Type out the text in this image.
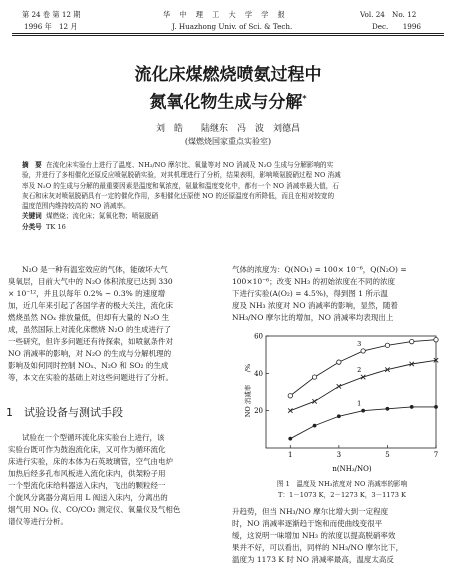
第 24 卷 第 12 期
1996 年　12 月
华　中　理　工　大　学　学　报
J. Huazhong Univ. of Sci. & Tech.
Vol. 24　No. 12
Dec.　　1996
流化床煤燃烧喷氨过程中
氮氧化物生成与分解*
刘　皓　　陆继东　冯　波　刘德昌
(煤燃烧国家重点实验室)
摘　要 在流化床实验台上进行了温度、NH₃/NO 摩尔比、氧量等对 NO 消减及 N₂O 生成与分解影响的实
验，并进行了多相催化还原反应喷氨脱硝实验，对其机理进行了分析，结果表明，影响喷氨脱硝过程 NO 消减
率及 N₂O 的生成与分解的最重要因素是温度和氧浓度，氨量和温度变化中，都有一个 NO 消减率最大值，石
灰石和床灰对喷氨脱硝具有一定的催化作用，多相催化还原使 NO 的还原温度有所降低，而且在相对较宽的
温度范围内维持较高的 NO 消减率。
关键词 煤燃烧；流化床；氮氧化物；喷氨脱硝
分类号 TK 16
N₂O 是一种有温室效应的气体，能破坏大气
臭氧层，目前大气中的 N₂O 体积浓度已达到 330
× 10⁻¹²，并且以每年 0.2% ~ 0.3% 的速度增
加，近几年来引起了各国学者的极大关注，流化床
燃烧虽然 NOₓ 排放量低，但却有大量的 N₂O 生
成，虽然国际上对流化床燃烧 N₂O 的生成进行了
一些研究，但许多问题还有待探索，如喷氨条件对
NO 消减率的影响，对 N₂O 的生成与分解机理的
影响及如何同时控制 NOₓ、N₂O 和 SO₂ 的生成
等，本文在实验的基础上对这些问题进行了分析。
1　试验设备与测试手段
试验在一个型循环流化床实验台上进行，该
实验台既可作为鼓泡流化床，又可作为循环流化
床进行实验，床的本体为石英玻璃管，空气由电炉
加热后经多孔布风板进入流化床内，供架粉子用
一个型流化床给料器送入床内，飞出的颗粒经一
个旋风分离器分离后用 L 阀送入床内，分离出的
烟气用 NOₓ 仪、CO/CO₂ 测定仪、氧量仪及气相色
谱仪等进行分析。
气体的浓度为：Q(NO₁) = 100× 10⁻⁶，Q(N₂O) =
100×10⁻⁶；改变 NH₃ 的初始浓度在不同的浓度
下进行实验(A(O₂) = 4.5%)，得到图 1 所示温
度及 NH₃ 浓度对 NO 消减率的影响，显然，随着
NH₃/NO 摩尔比的增加，NO 消减率均表现出上
1	3	5	7
20
40
60
1
2
3
NO 消减率
/%
n(NH₃/NO)
图 1　温度及 NH₃浓度对 NO 消减率的影响
T：1－1073 K，2－1273 K，3－1173 K
升趋势，但当 NH₃/NO 摩尔比增大到一定程度
时，NO 消减率逐渐趋于饱和而使曲线变很平
缓，这说明一味增加 NH₃ 的浓度以提高脱硝率效
果并不好，可以看出，同样的 NH₃/NO 摩尔比下，
温度为 1173 K 时 NO 消减率最高，温度太高反
